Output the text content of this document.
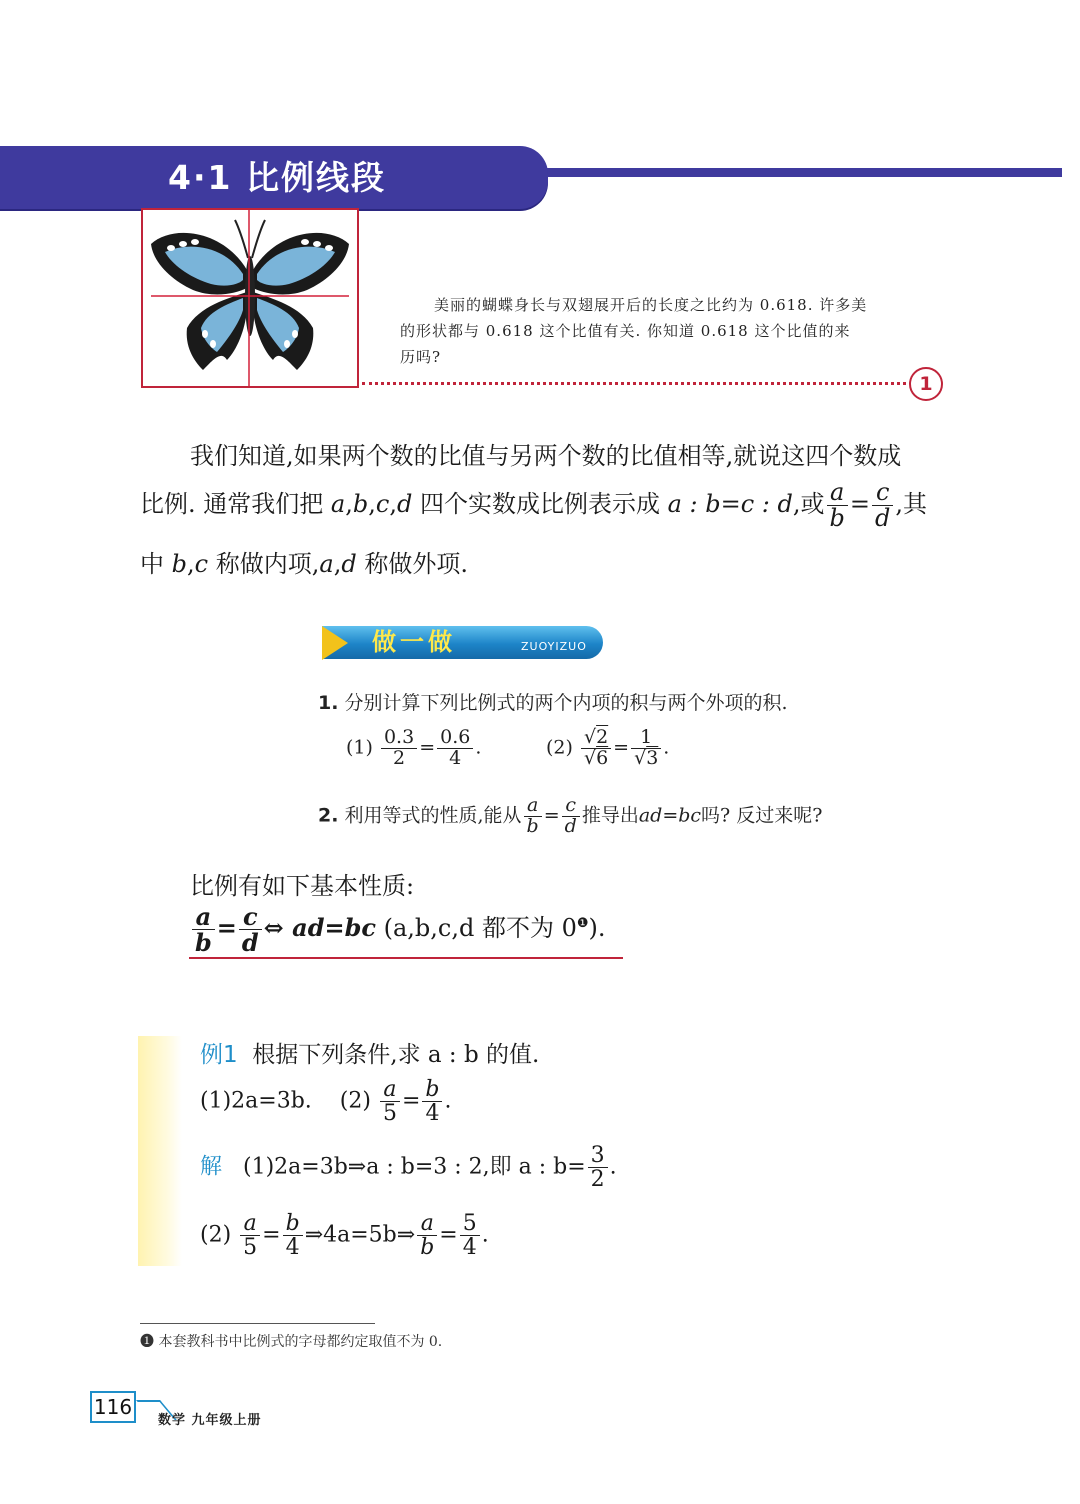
4·1 比例线段

美丽的蝴蝶身长与双翅展开后的长度之比约为 0.618. 许多美

的形状都与 0.618 这个比值有关. 你知道 0.618 这个比值的来
历吗?
1
我们知道,如果两个数的比值与另两个数的比值相等,就说这四个数成
比例. 通常我们把 a,b,c,d 四个实数成比例表示成 a : b=c : d,或 $\frac{a}{b} = \frac{c}{d}$ ,其
中 b,c 称做内项,a,d 称做外项.
做一做	ZUOYIZUO
1. 分别计算下列比例式的两个内项的积与两个外项的积.
$(1) \frac{0.3}{2} = \frac{0.6}{4}$ .	$(2) \frac{√2}{√6} = \frac{1}{√3}$ .
2. 利用等式的性质,能从 $\frac{a}{b} = \frac{c}{d}$ 推导出ad=bc吗? 反过来呢?
比例有如下基本性质:
$\frac{a}{b} = \frac{c}{d}$ ⇔ ad=bc (a,b,c,d 都不为 $0^❶$).
例1 根据下列条件,求 a : b 的值.
(1)2a=3b. $(2) \frac{a}{5} = \frac{b}{4}$ .
解 (1)2a=3b⇒a : b=3 : 2,即 a : $b= \frac{3}{2}$ .
$(2) \frac{a}{5} = \frac{b}{4}$ ⇒4a=5b⇒ $\frac{a}{b} = \frac{5}{4}$ .
❶ 本套教科书中比例式的字母都约定取值不为 0.
116
数学 九年级上册
